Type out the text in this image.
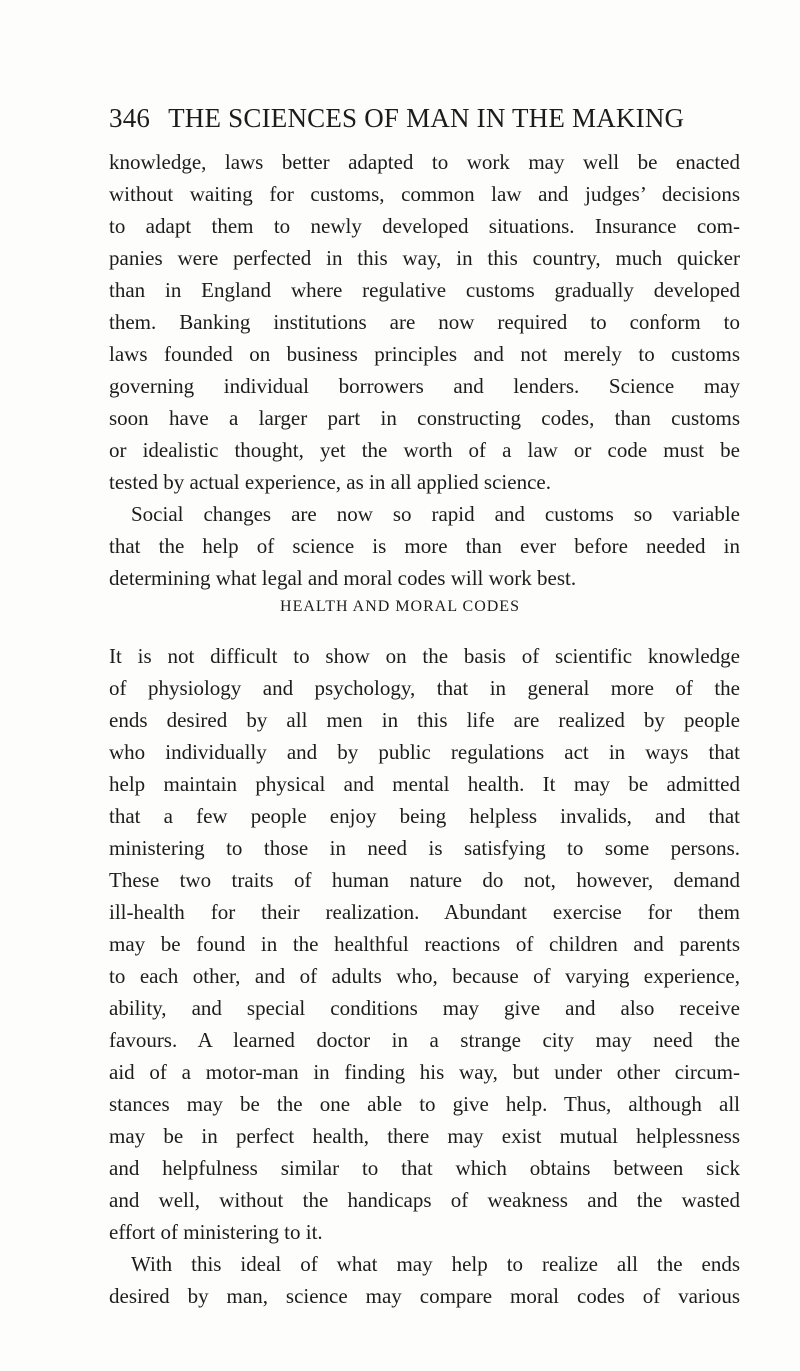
346 THE SCIENCES OF MAN IN THE MAKING
knowledge, laws better adapted to work may well be enacted
without waiting for customs, common law and judges’ decisions
to adapt them to newly developed situations. Insurance com-
panies were perfected in this way, in this country, much quicker
than in England where regulative customs gradually developed
them. Banking institutions are now required to conform to
laws founded on business principles and not merely to customs
governing individual borrowers and lenders. Science may
soon have a larger part in constructing codes, than customs
or idealistic thought, yet the worth of a law or code must be
tested by actual experience, as in all applied science.
Social changes are now so rapid and customs so variable
that the help of science is more than ever before needed in
determining what legal and moral codes will work best.
HEALTH AND MORAL CODES
It is not difficult to show on the basis of scientific knowledge
of physiology and psychology, that in general more of the
ends desired by all men in this life are realized by people
who individually and by public regulations act in ways that
help maintain physical and mental health. It may be admitted
that a few people enjoy being helpless invalids, and that
ministering to those in need is satisfying to some persons.
These two traits of human nature do not, however, demand
ill-health for their realization. Abundant exercise for them
may be found in the healthful reactions of children and parents
to each other, and of adults who, because of varying experience,
ability, and special conditions may give and also receive
favours. A learned doctor in a strange city may need the
aid of a motor-man in finding his way, but under other circum-
stances may be the one able to give help. Thus, although all
may be in perfect health, there may exist mutual helplessness
and helpfulness similar to that which obtains between sick
and well, without the handicaps of weakness and the wasted
effort of ministering to it.
With this ideal of what may help to realize all the ends
desired by man, science may compare moral codes of various
